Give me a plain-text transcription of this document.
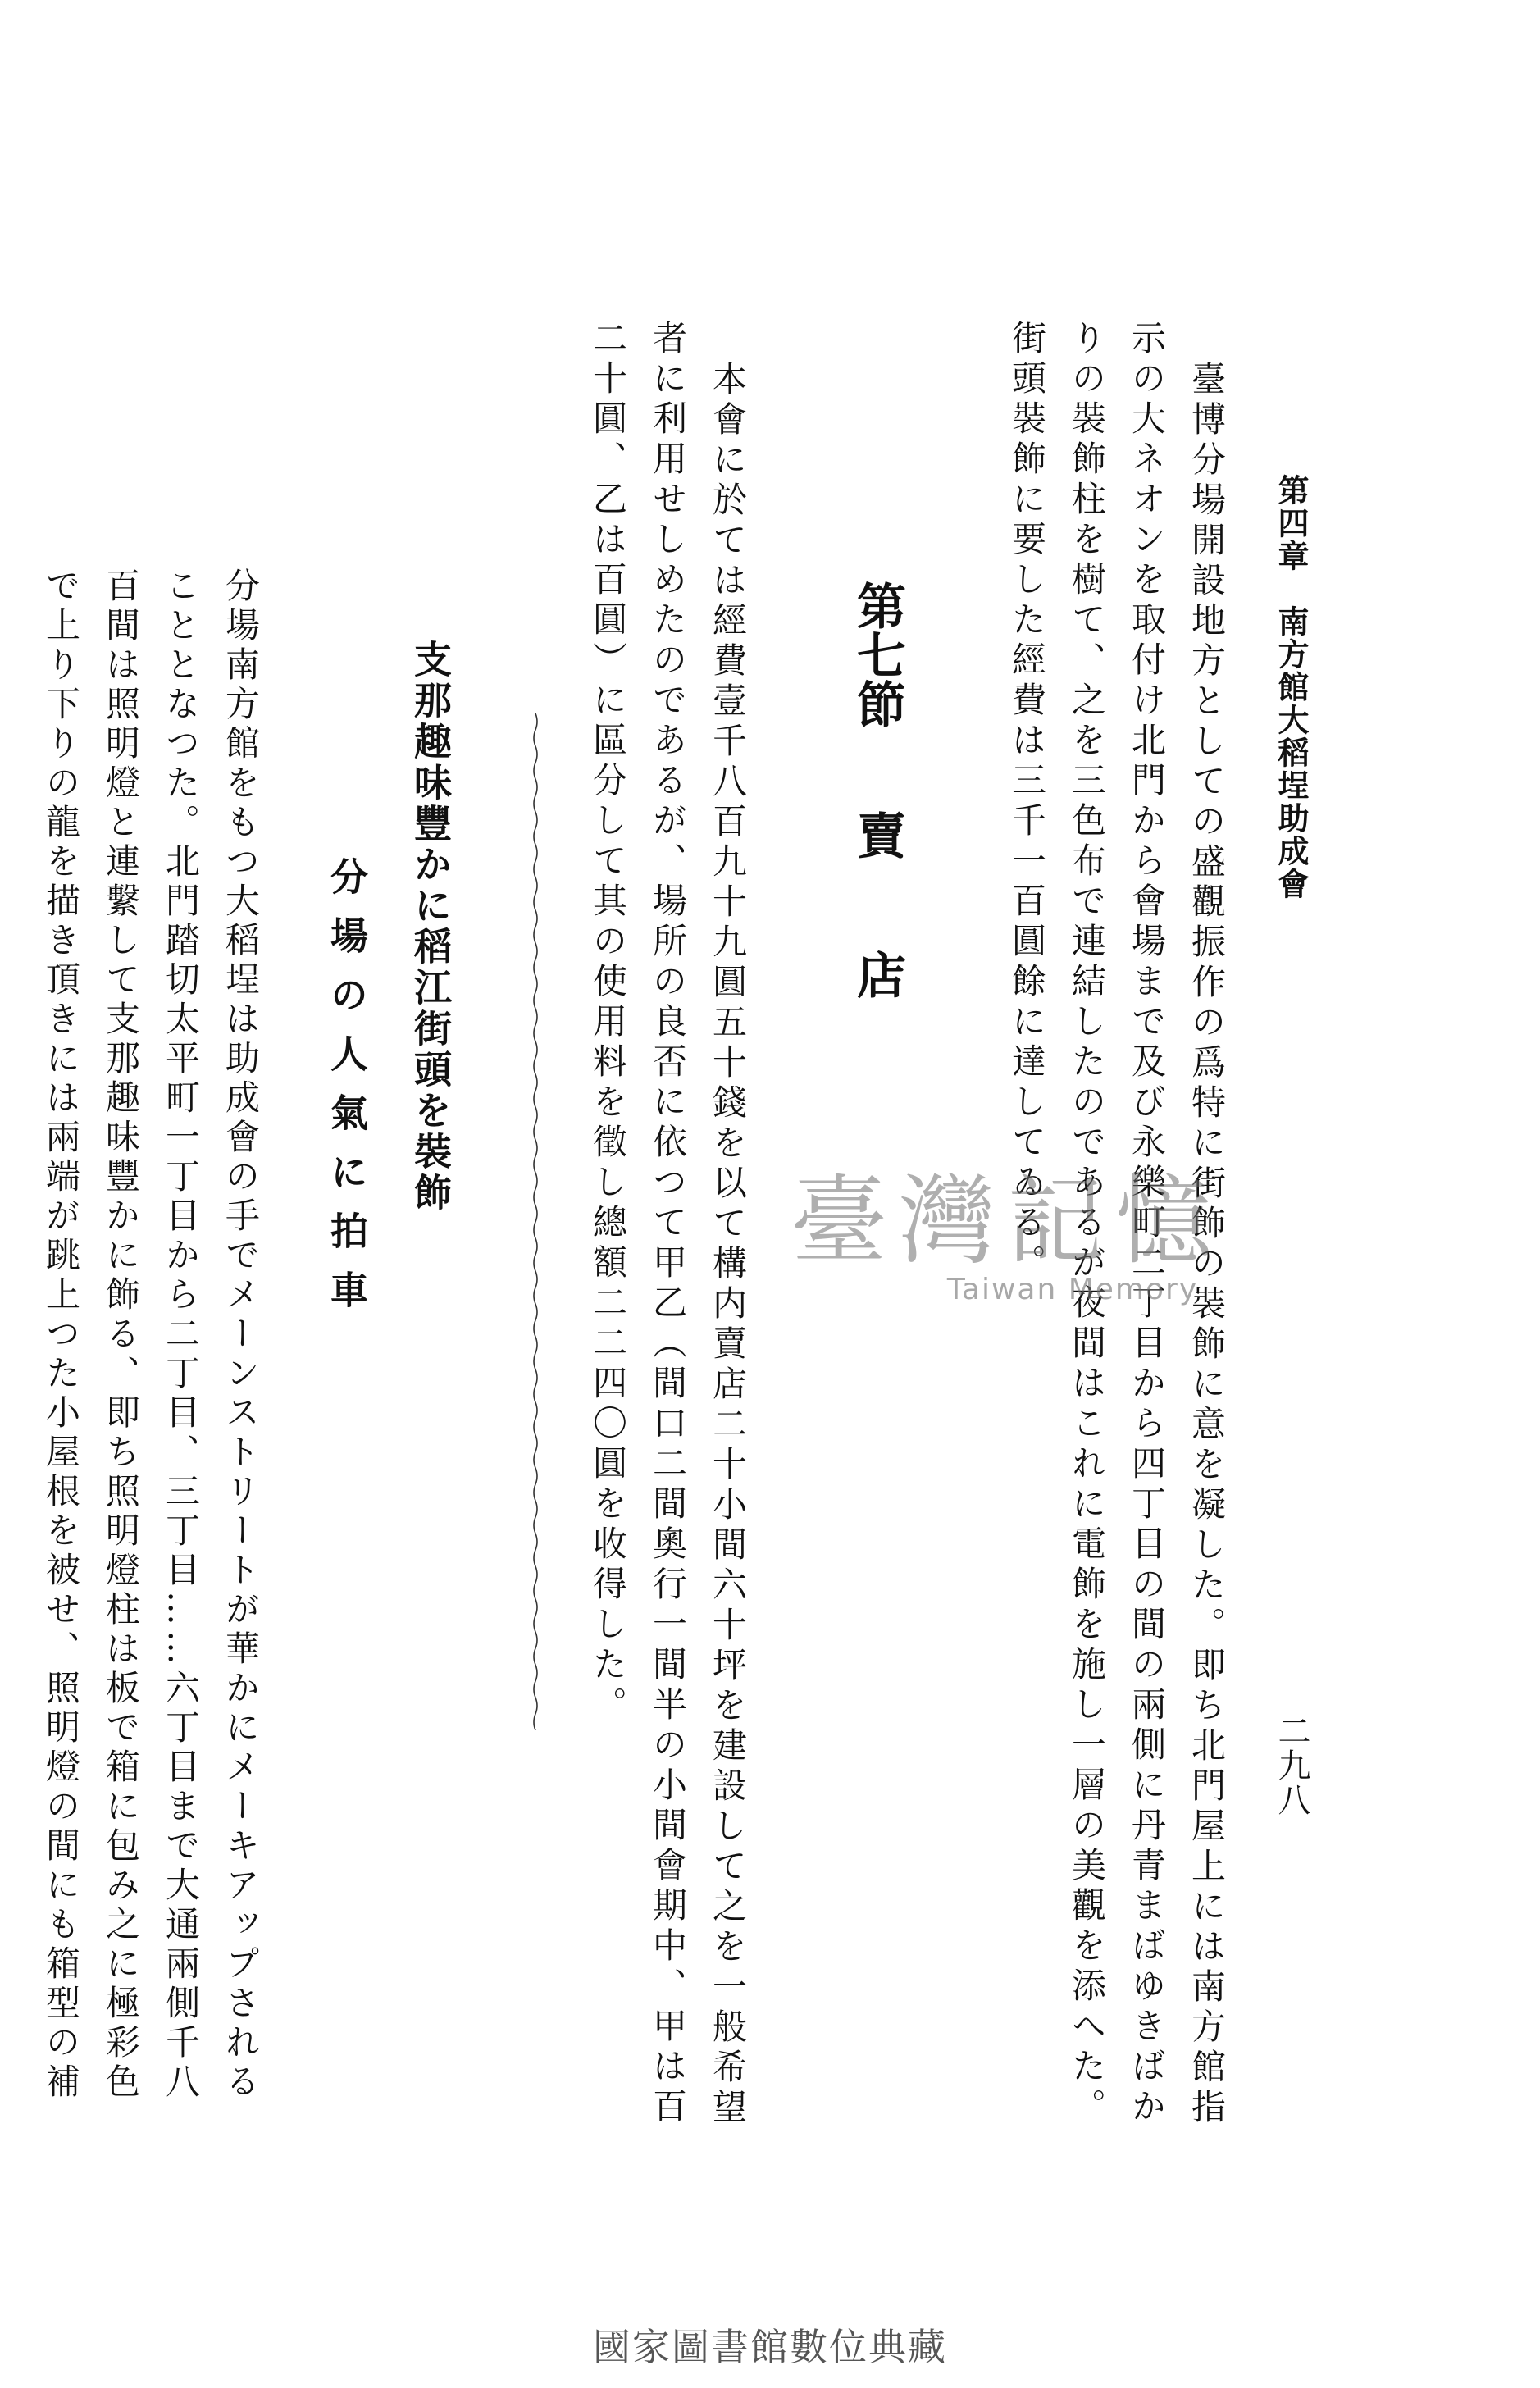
第四章　南方館大稻埕助成會
二九八
臺博分場開設地方としての盛觀振作の爲特に街飾の裝飾に意を凝した。即ち北門屋上には南方館指
示の大ネオンを取付け北門から會場まで及び永樂町二丁目から四丁目の間の兩側に丹青まばゆきばか
りの裝飾柱を樹て、之を三色布で連結したのであるが夜間はこれに電飾を施し一層の美觀を添へた。
街頭裝飾に要した經費は三千一百圓餘に達してゐる。
第七節賣店
本會に於ては經費壹千八百九十九圓五十錢を以て構内賣店二十小間六十坪を建設して之を一般希望
者に利用せしめたのであるが、場所の良否に依つて甲乙（間口二間奧行一間半の小間會期中、甲は百
二十圓、乙は百圓）に區分して其の使用料を徵し總額二二四〇圓を收得した。
支那趣味豐かに稻江街頭を裝飾
分場の人氣に拍車
分場南方館をもつ大稻埕は助成會の手でメーンストリートが華かにメーキアップされる
こととなつた。北門踏切太平町一丁目から二丁目、三丁目……六丁目まで大通兩側千八
百間は照明燈と連繫して支那趣味豐かに飾る、即ち照明燈柱は板で箱に包み之に極彩色
で上り下りの龍を描き頂きには兩端が跳上つた小屋根を被せ、照明燈の間にも箱型の補	臺灣記憶
Taiwan Memory
國家圖書館數位典藏
